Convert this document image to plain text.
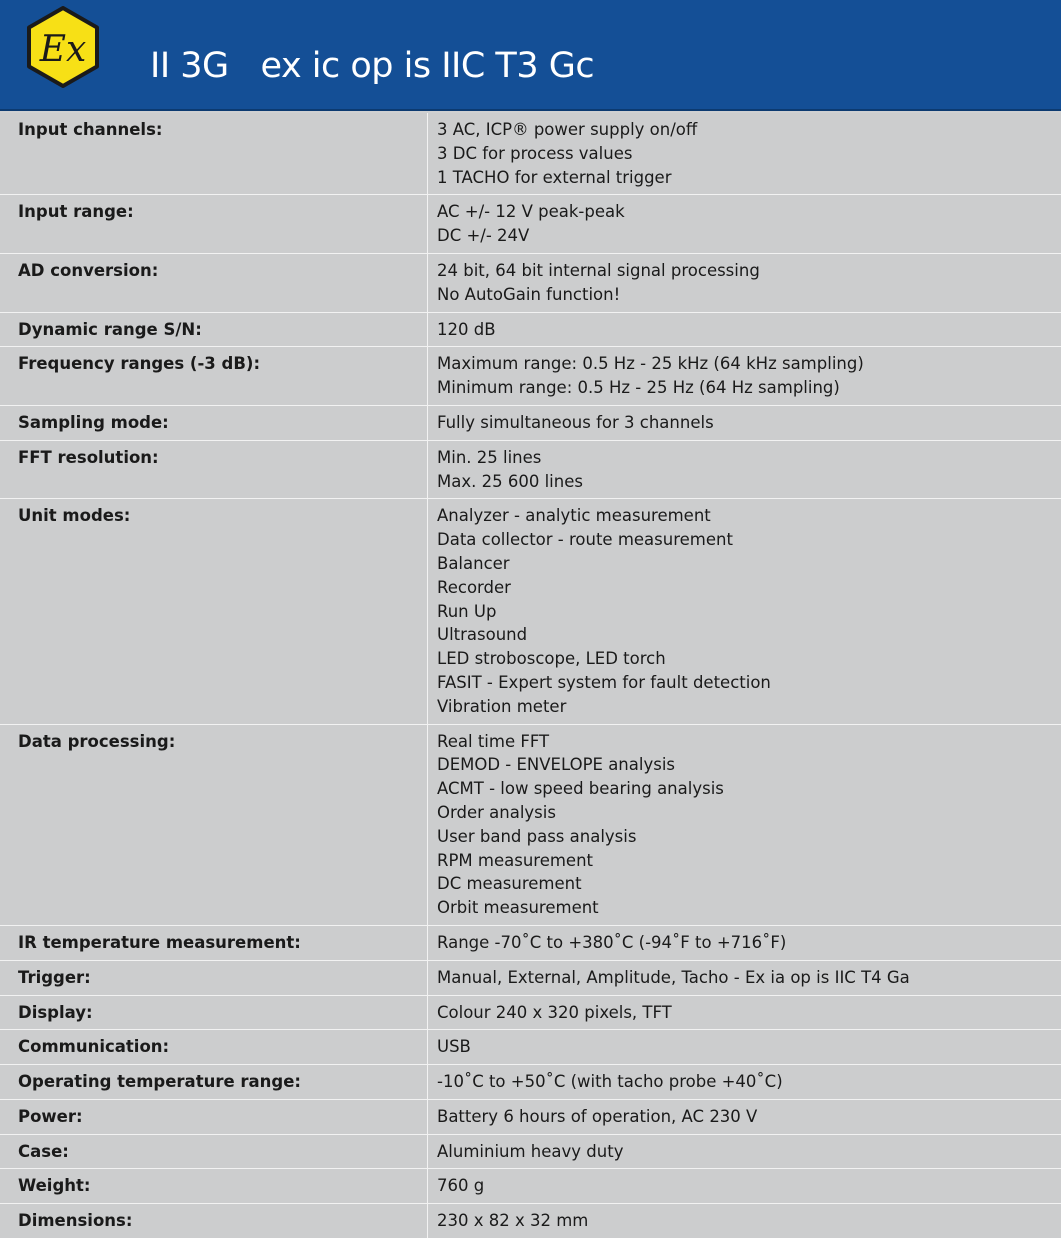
Ex II 3G   ex ic op is IIC T3 Gc
Input channels:	3 AC, ICP® power supply on/off
3 DC for process values
1 TACHO for external trigger
Input range:	AC +/- 12 V peak-peak
DC +/- 24V
AD conversion:	24 bit, 64 bit internal signal processing
No AutoGain function!
Dynamic range S/N:	120 dB
Frequency ranges (-3 dB):	Maximum range: 0.5 Hz - 25 kHz (64 kHz sampling)
Minimum range: 0.5 Hz - 25 Hz (64 Hz sampling)
Sampling mode:	Fully simultaneous for 3 channels
FFT resolution:	Min. 25 lines
Max. 25 600 lines
Unit modes:	Analyzer - analytic measurement
Data collector - route measurement
Balancer
Recorder
Run Up
Ultrasound
LED stroboscope, LED torch
FASIT - Expert system for fault detection
Vibration meter
Data processing:	Real time FFT
DEMOD - ENVELOPE analysis
ACMT - low speed bearing analysis
Order analysis
User band pass analysis
RPM measurement
DC measurement
Orbit measurement
IR temperature measurement:	Range -70˚C to +380˚C (-94˚F to +716˚F)
Trigger:	Manual, External, Amplitude, Tacho - Ex ia op is IIC T4 Ga
Display:	Colour 240 x 320 pixels, TFT
Communication:	USB
Operating temperature range:	-10˚C to +50˚C (with tacho probe +40˚C)
Power:	Battery 6 hours of operation, AC 230 V
Case:	Aluminium heavy duty
Weight:	760 g
Dimensions:	230 x 82 x 32 mm
